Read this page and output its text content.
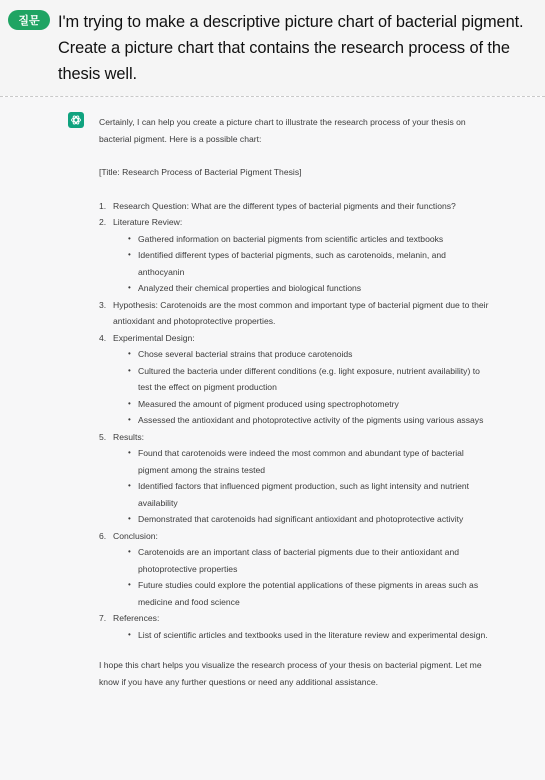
질문	I'm trying to make a descriptive picture chart of bacterial pigment. Create a picture chart that contains the research process of the thesis well.

Certainly, I can help you create a picture chart to illustrate the research process of your thesis on bacterial pigment. Here is a possible chart:

[Title: Research Process of Bacterial Pigment Thesis]

1. Research Question: What are the different types of bacterial pigments and their functions?
2. Literature Review:
• Gathered information on bacterial pigments from scientific articles and textbooks
• Identified different types of bacterial pigments, such as carotenoids, melanin, and anthocyanin
• Analyzed their chemical properties and biological functions
3. Hypothesis: Carotenoids are the most common and important type of bacterial pigment due to their antioxidant and photoprotective properties.
4. Experimental Design:
• Chose several bacterial strains that produce carotenoids
• Cultured the bacteria under different conditions (e.g. light exposure, nutrient availability) to test the effect on pigment production
• Measured the amount of pigment produced using spectrophotometry
• Assessed the antioxidant and photoprotective activity of the pigments using various assays
5. Results:
• Found that carotenoids were indeed the most common and abundant type of bacterial pigment among the strains tested
• Identified factors that influenced pigment production, such as light intensity and nutrient availability
• Demonstrated that carotenoids had significant antioxidant and photoprotective activity
6. Conclusion:
• Carotenoids are an important class of bacterial pigments due to their antioxidant and photoprotective properties
• Future studies could explore the potential applications of these pigments in areas such as medicine and food science
7. References:
• List of scientific articles and textbooks used in the literature review and experimental design.

I hope this chart helps you visualize the research process of your thesis on bacterial pigment. Let me know if you have any further questions or need any additional assistance.
